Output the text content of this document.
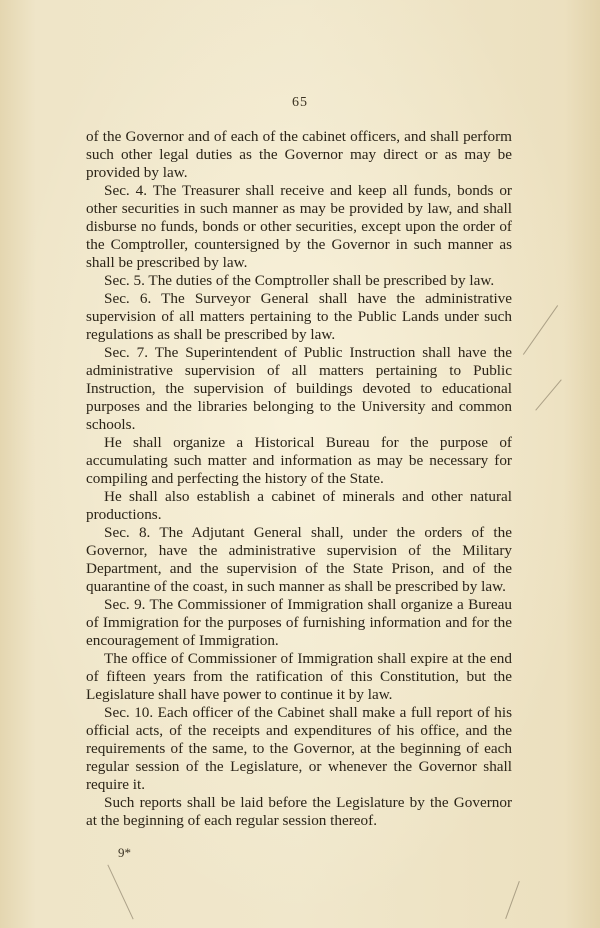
65

of the Governor and of each of the cabinet officers, and shall perform such other legal duties as the Governor may direct or as may be provided by law.

Sec. 4. The Treasurer shall receive and keep all funds, bonds or other securities in such manner as may be provided by law, and shall disburse no funds, bonds or other securities, except upon the order of the Comptroller, countersigned by the Governor in such manner as shall be prescribed by law.

Sec. 5. The duties of the Comptroller shall be prescribed by law.

Sec. 6. The Surveyor General shall have the administrative supervision of all matters pertaining to the Public Lands under such regulations as shall be prescribed by law.

Sec. 7. The Superintendent of Public Instruction shall have the administrative supervision of all matters pertaining to Public Instruction, the supervision of buildings devoted to educational purposes and the libraries belonging to the University and common schools.

He shall organize a Historical Bureau for the purpose of accumulating such matter and information as may be necessary for compiling and perfecting the history of the State.

He shall also establish a cabinet of minerals and other natural productions.

Sec. 8. The Adjutant General shall, under the orders of the Governor, have the administrative supervision of the Military Department, and the supervision of the State Prison, and of the quarantine of the coast, in such manner as shall be prescribed by law.

Sec. 9. The Commissioner of Immigration shall organize a Bureau of Immigration for the purposes of furnishing information and for the encouragement of Immigration.

The office of Commissioner of Immigration shall expire at the end of fifteen years from the ratification of this Constitution, but the Legislature shall have power to continue it by law.

Sec. 10. Each officer of the Cabinet shall make a full report of his official acts, of the receipts and expenditures of his office, and the requirements of the same, to the Governor, at the beginning of each regular session of the Legislature, or whenever the Governor shall require it.

Such reports shall be laid before the Legislature by the Governor at the beginning of each regular session thereof.

9*
